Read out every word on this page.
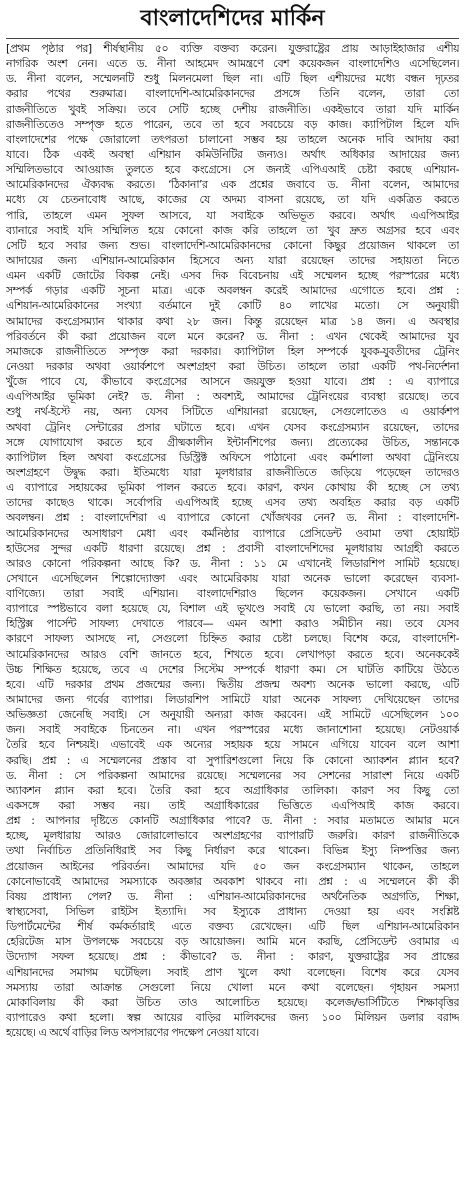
বাংলাদেশিদের মার্কিন
[প্রথম পৃষ্ঠার পর] শীর্ষস্থানীয় ৫০ ব্যক্তি বক্তব্য করেন। যুক্তরাষ্ট্রের প্রায় আড়াইহাজার এশীয়
নাগরিক অংশ নেন। এতে ড. নীনা আহমেদ আমন্ত্রণে বেশ কয়েকজন বাংলাদেশিও এসেছিলেন।
ড. নীনা বলেন, সম্মেলনটি শুধু মিলনমেলা ছিল না। এটি ছিল এশীয়দের মধ্যে বন্ধন দৃঢ়তর
করার পথের শুরুমাত্র। বাংলাদেশি-আমেরিকানদের প্রসঙ্গে তিনি বলেন, তারা তো
রাজনীতিতে খুবই সক্রিয়। তবে সেটি হচ্ছে দেশীয় রাজনীতি। একইভাবে তারা যদি মার্কিন
রাজনীতিতেও সম্পৃক্ত হতে পারেন, তবে তা হবে সবচেয়ে বড় কাজ। ক্যাপিটাল হিলে যদি
বাংলাদেশের পক্ষে জোরালো তৎপরতা চালানো সম্ভব হয় তাহলে অনেক দাবি আদায় করা
যাবে। ঠিক একই অবস্থা এশিয়ান কমিউনিটির জন্যও। অর্থাৎ অধিকার আদায়ের জন্য
সম্মিলিতভাবে আওয়াজ তুলতে হবে কংগ্রেসে। সে জন্যই এপিএআই চেষ্টা করছে এশিয়ান-
আমেরিকানদের ঐক্যবদ্ধ করতে। ‘ঠিকানা’র এক প্রশ্নের জবাবে ড. নীনা বলেন, আমাদের
মধ্যে যে চেতনাবোধ আছে, কাজের যে অদম্য বাসনা রয়েছে, তা যদি একত্রিত করতে
পারি, তাহলে এমন সুফল আসবে, যা সবাইকে অভিভূত করবে। অর্থাৎ এএপিআইর
ব্যানারে সবাই যদি সম্মিলিত হয়ে কোনো কাজ করি তাহলে তা খুব দ্রুত অগ্রসর হবে এবং
সেটি হবে সবার জন্য শুভ। বাংলাদেশি-আমেরিকানদের কোনো কিছুর প্রয়োজন থাকলে তা
আদায়ের জন্য এশিয়ান-আমেরিকান হিসেবে অন্য যারা রয়েছেন তাদের সহায়তা নিতে
এমন একটি জোটের বিকল্প নেই। এসব দিক বিবেচনায় এই সম্মেলন হচ্ছে পরস্পরের মধ্যে
সম্পর্ক গড়ার একটি সূচনা মাত্র। একে অবলম্বন করেই আমাদের এগোতে হবে। প্রশ্ন :
এশিয়ান-আমেরিকানের সংখ্যা বর্তমানে দুই কোটি ৪০ লাখের মতো। সে অনুযায়ী
আমাদের কংগ্রেসম্যান থাকার কথা ২৮ জন। কিন্তু রয়েছেন মাত্র ১৪ জন। এ অবস্থার
পরিবর্তনে কী করা প্রয়োজন বলে মনে করেন? ড. নীনা : এখন থেকেই আমাদের যুব
সমাজকে রাজনীতিতে সম্পৃক্ত করা দরকার। ক্যাপিটাল হিল সম্পর্কে যুবক-যুবতীদের ট্রেনিং
নেওয়া দরকার অথবা ওয়ার্কশপে অংশগ্রহণ করা উচিত। তাহলে তারা একটি পথ-নির্দেশনা
খুঁজে পাবে যে, কীভাবে কংগ্রেসের আসনে জয়যুক্ত হওয়া যাবে। প্রশ্ন : এ ব্যাপারে
এএপিআইর ভূমিকা নেই? ড. নীনা : অবশ্যই, আমাদের ট্রেনিংয়ের ব্যবস্থা রয়েছে। তবে
শুধু নর্থ-ইস্টে নয়, অন্য যেসব সিটিতে এশিয়ানরা রয়েছেন, সেগুলোতেও এ ওয়ার্কশপ
অথবা ট্রেনিং সেন্টারের প্রসার ঘটাতে হবে। এখন যেসব কংগ্রেসম্যান রয়েছেন, তাদের
সঙ্গে যোগাযোগ করতে হবে গ্রীষ্মকালীন ইন্টার্নশিপের জন্য। প্রত্যেকের উচিত, সন্তানকে
ক্যাপিটাল হিল অথবা কংগ্রেসের ডিস্ট্রিক্ট অফিসে পাঠানো এবং কর্মশালা অথবা ট্রেনিংয়ে
অংশগ্রহণে উদ্বুদ্ধ করা। ইতিমধ্যে যারা মূলধারার রাজনীতিতে জড়িয়ে পড়েছেন তাদেরও
এ ব্যাপারে সহায়কের ভূমিকা পালন করতে হবে। কারণ, কখন কোথায় কী হচ্ছে সে তথ্য
তাদের কাছেও থাকে। সর্বোপরি এএপিআই হচ্ছে এসব তথ্য অবহিত করার বড় একটি
অবলম্বন। প্রশ্ন : বাংলাদেশিরা এ ব্যাপারে কোনো খোঁজখবর নেন? ড. নীনা : বাংলাদেশি-
আমেরিকানদের অসাধারণ মেধা এবং কর্মনিষ্ঠার ব্যাপারে প্রেসিডেন্ট ওবামা তথা হোয়াইট
হাউসের সুন্দর একটি ধারণা রয়েছে। প্রশ্ন : প্রবাসী বাংলাদেশিদের মূলধারায় আগ্রহী করতে
আরও কোনো পরিকল্পনা আছে কি? ড. নীনা : ১১ মে এখানেই লিডারশিপ সামিট হয়েছে।
সেখানে এসেছিলেন শিল্পোদ্যোক্তা এবং আমেরিকায় যারা অনেক ভালো করেছেন ব্যবসা-
বাণিজ্যে। তারা সবাই এশিয়ান। বাংলাদেশিরাও ছিলেন কয়েকজন। সেখানে একটি
ব্যাপারে স্পষ্টভাবে বলা হয়েছে যে, বিশাল এই ভূখণ্ডে সবাই যে ভালো করছি, তা নয়। সবাই
হিস্ট্রিক্স পার্সেন্ট সাফল্য দেখাতে পারবে— এমন আশা করাও সমীচীন নয়। তবে যেসব
কারণে সাফল্য আসছে না, সেগুলো চিহ্নিত করার চেষ্টা চলছে। বিশেষ করে, বাংলাদেশি-
আমেরিকানদের আরও বেশি জানতে হবে, শিখতে হবে। লেখাপড়া করতে হবে। অনেককেই
উচ্চ শিক্ষিত হয়েছে, তবে এ দেশের সিস্টেম সম্পর্কে ধারণা কম। সে ঘাটতি কাটিয়ে উঠতে
হবে। এটি দরকার প্রথম প্রজন্মের জন্য। দ্বিতীয় প্রজন্ম অবশ্য অনেক ভালো করছে, এটি
আমাদের জন্য গর্বের ব্যাপার। লিডারশিপ সামিটে যারা অনেক সাফল্য দেখিয়েছেন তাদের
অভিজ্ঞতা জেনেছি সবাই। সে অনুযায়ী অন্যরা কাজ করবেন। এই সামিটে এসেছিলেন ১০০
জন। সবাই সবাইকে চিনতেন না। এখন পরস্পরের মধ্যে জানাশোনা হয়েছে। নেটওয়ার্ক
তৈরি হবে নিশ্চয়ই। এভাবেই এক অন্যের সহায়ক হয়ে সামনে এগিয়ে যাবেন বলে আশা
করছি। প্রশ্ন : এ সম্মেলনের প্রস্তাব বা সুপারিশগুলো নিয়ে কি কোনো অ্যাকশন প্ল্যান হবে?
ড. নীনা : সে পরিকল্পনা আমাদের রয়েছে। সম্মেলনের সব সেশনের সারাংশ নিয়ে একটি
অ্যাকশন প্ল্যান করা হবে। তৈরি করা হবে অগ্রাধিকার তালিকা। কারণ সব কিছু তো
একসঙ্গে করা সম্ভব নয়। তাই অগ্রাধিকারের ভিত্তিতে এএপিআই কাজ করবে।
প্রশ্ন : আপনার দৃষ্টিতে কোনটি অগ্রাধিকার পাবে? ড. নীনা : সবার মতামতে আমার মনে
হচ্ছে, মূলধারায় আরও জোরালোভাবে অংশগ্রহণের ব্যাপারটি জরুরি। কারণ রাজনীতিকে
তথা নির্বাচিত প্রতিনিধিরাই সব কিছু নির্ধারণ করে থাকেন। বিভিন্ন ইস্যু নিষ্পত্তির জন্য
প্রয়োজন আইনের পরিবর্তন। আমাদের যদি ৫০ জন কংগ্রেসম্যান থাকেন, তাহলে
কোনোভাবেই আমাদের সমস্যাকে অবজ্ঞার অবকাশ থাকবে না। প্রশ্ন : এ সম্মেলনে কী কী
বিষয় প্রাধান্য পেল? ড. নীনা : এশিয়ান-আমেরিকানদের অর্থনৈতিক অগ্রগতি, শিক্ষা,
স্বাস্থ্যসেবা, সিভিল রাইটস ইত্যাদি। সব ইস্যুকে প্রাধান্য দেওয়া হয় এবং সংশ্লিষ্ট
ডিপার্টমেন্টের শীর্ষ কর্মকর্তারাই এতে বক্তব্য রেখেছেন। এটি ছিল এশিয়ান-আমেরিকান
হেরিটেজ মাস উপলক্ষে সবচেয়ে বড় আয়োজন। আমি মনে করছি, প্রেসিডেন্ট ওবামার এ
উদ্যোগ সফল হয়েছে। প্রশ্ন : কীভাবে? ড. নীনা : কারণ, যুক্তরাষ্ট্রের সব প্রান্তের
এশিয়ানদের সমাগম ঘটেছিল। সবাই প্রাণ খুলে কথা বলেছেন। বিশেষ করে যেসব
সমস্যায় তারা আক্রান্ত সেগুলো নিয়ে খোলা মনে কথা বলেছেন। গৃহায়ন সমস্যা
মোকাবিলায় কী করা উচিত তাও আলোচিত হয়েছে। কলেজ/ভার্সিটিতে শিক্ষাবৃত্তির
ব্যাপারেও কথা হলো। স্বল্প আয়ের বাড়ির মালিকদের জন্য ১০০ মিলিয়ন ডলার বরাদ্দ
হয়েছে। এ অর্থে বাড়ির লিড অপসারণের পদক্ষেপ নেওয়া যাবে।
